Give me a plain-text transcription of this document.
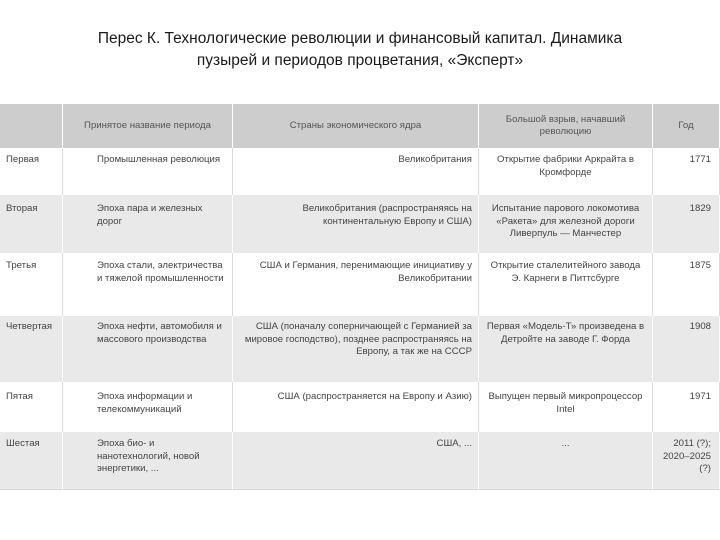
Перес К. Технологические революции и финансовый капитал. Динамика
пузырей и периодов процветания, «Эксперт»
	Принятое название периода	Страны экономического ядра	Большой взрыв, начавший революцию	Год
Первая	Промышленная революция	Великобритания	Открытие фабрики Аркрайта в Кромфорде	1771
Вторая	Эпоха пара и железных дорог	Великобритания (распространяясь на континентальную Европу и США)	Испытание парового локомотива «Ракета» для железной дороги Ливерпуль — Манчестер	1829
Третья	Эпоха стали, электричества и тяжелой промышленности	США и Германия, перенимающие инициативу у Великобритании	Открытие сталелитейного завода Э. Карнеги в Питтсбурге	1875
Четвертая	Эпоха нефти, автомобиля и массового производства	США (поначалу соперничающей с Германией за мировое господство), позднее распространяясь на Европу, а так же на СССР	Первая «Модель-Т» произведена в Детройте на заводе Г. Форда	1908
Пятая	Эпоха информации и телекоммуникаций	США (распространяется на Европу и Азию)	Выпущен первый микропроцессор Intel	1971
Шестая	Эпоха био- и нанотехнологий, новой энергетики, ...	США, ...	...	2011 (?); 2020–2025 (?)
